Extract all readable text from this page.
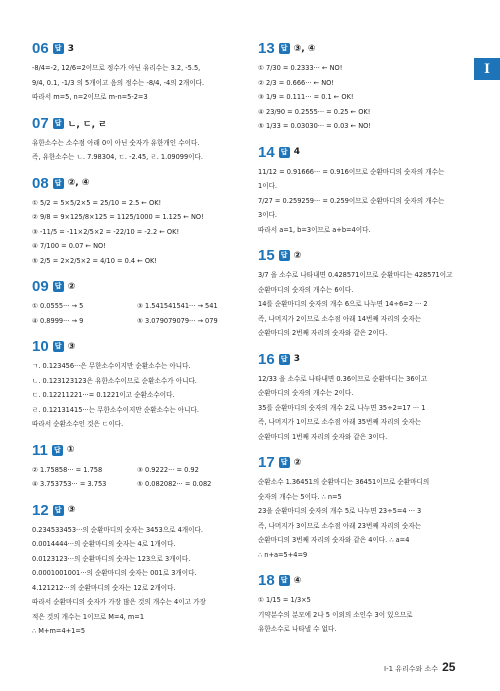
06 답 3
-8/4=-2, 12/6=2이므로 정수가 아닌 유리수는 3.2, -5.5,
9/4, 0.1, -1/3 의 5개이고 음의 정수는 -8/4, -4의 2개이다.
따라서 m=5, n=2이므로 m-n=5-2=3
07 답 ㄴ, ㄷ, ㄹ
유한소수는 소수점 아래 0이 아닌 숫자가 유한개인 수이다.
즉, 유한소수는 ㄴ. 7.98304, ㄷ. -2.45, ㄹ. 1.09099이다.
08 답 ②, ④
① 5/2 = 5×5/2×5 = 25/10 = 2.5 ← OK!
② 9/8 = 9×125/8×125 = 1125/1000 = 1.125 ← NO!
③ -11/5 = -11×2/5×2 = -22/10 = -2.2 ← OK!
④ 7/100 = 0.07 ← NO!
⑤ 2/5 = 2×2/5×2 = 4/10 = 0.4 ← OK!
09 답 ②
① 0.0555··· → 5	③ 1.541541541··· → 541
④ 0.8999··· → 9	⑤ 3.079079079··· → 079
10 답 ③
ㄱ. 0.123456···은 무한소수이지만 순환소수는 아니다.
ㄴ. 0.123123123은 유한소수이므로 순환소수가 아니다.
ㄷ. 0.12211221···= 0.1221이고 순환소수이다.
ㄹ. 0.12131415···는 무한소수이지만 순환소수는 아니다.
따라서 순환소수인 것은 ㄷ이다.
11 답 ①
② 1.75858··· = 1.758	③ 0.9222··· = 0.92
④ 3.753753··· = 3.753	⑤ 0.082082··· = 0.082
12 답 ③
0.234533453···의 순환마디의 숫자는 3453으로 4개이다.
0.0014444···의 순환마디의 숫자는 4로 1개이다.
0.0123123···의 순환마디의 숫자는 123으로 3개이다.
0.0001001001···의 순환마디의 숫자는 001로 3개이다.
4.121212···의 순환마디의 숫자는 12로 2개이다.
따라서 순환마디의 숫자가 가장 많은 것의 개수는 4이고 가장
적은 것의 개수는 1이므로 M=4, m=1
∴ M+m=4+1=5
13 답 ③, ④
① 7/30 = 0.2333··· ← NO!
② 2/3 = 0.666··· ← NO!
③ 1/9 = 0.111··· = 0.1 ← OK!
④ 23/90 = 0.2555··· = 0.25 ← OK!
⑤ 1/33 = 0.03030··· = 0.03 ← NO!
14 답 4
11/12 = 0.91666··· = 0.916이므로 순환마디의 숫자의 개수는
1이다.
7/27 = 0.259259··· = 0.259이므로 순환마디의 숫자의 개수는
3이다.
따라서 a=1, b=3이므로 a+b=4이다.
15 답 ②
3/7 을 소수로 나타내면 0.428571이므로 순환마디는 428571이고
순환마디의 숫자의 개수는 6이다.
14를 순환마디의 숫자의 개수 6으로 나누면 14÷6=2 ··· 2
즉, 나머지가 2이므로 소수점 아래 14번째 자리의 숫자는
순환마디의 2번째 자리의 숫자와 같은 2이다.
16 답 3
12/33 을 소수로 나타내면 0.36이므로 순환마디는 36이고
순환마디의 숫자의 개수는 2이다.
35를 순환마디의 숫자의 개수 2로 나누면 35÷2=17 ··· 1
즉, 나머지가 1이므로 소수점 아래 35번째 자리의 숫자는
순환마디의 1번째 자리의 숫자와 같은 3이다.
17 답 ②
순환소수 1.36451의 순환마디는 36451이므로 순환마디의
숫자의 개수는 5이다. ∴ n=5
23을 순환마디의 숫자의 개수 5로 나누면 23÷5=4 ··· 3
즉, 나머지가 3이므로 소수점 아래 23번째 자리의 숫자는
순환마디의 3번째 자리의 숫자와 같은 4이다. ∴ a=4
∴ n+a=5+4=9
18 답 ④
① 1/15 = 1/3×5
기약분수의 분모에 2나 5 이외의 소인수 3이 있으므로
유한소수로 나타낼 수 없다.
I
I-1 유리수와 소수 25
